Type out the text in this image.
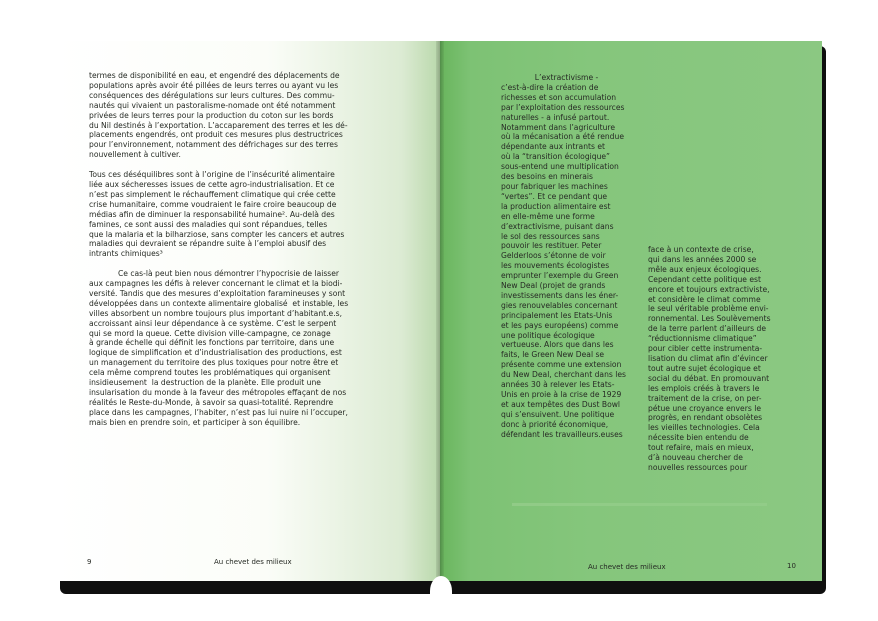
termes de disponibilité en eau, et engendré des déplacements de
populations après avoir été pillées de leurs terres ou ayant vu les
conséquences des dérégulations sur leurs cultures. Des commu-
nautés qui vivaient un pastoralisme-nomade ont été notamment
privées de leurs terres pour la production du coton sur les bords
du Nil destinés à l’exportation. L’accaparement des terres et les dé-
placements engendrés, ont produit ces mesures plus destructrices
pour l’environnement, notamment des défrichages sur des terres
nouvellement à cultiver.

Tous ces déséquilibres sont à l’origine de l’insécurité alimentaire
liée aux sécheresses issues de cette agro-industrialisation. Et ce
n’est pas simplement le réchauffement climatique qui crée cette
crise humanitaire, comme voudraient le faire croire beaucoup de
médias afin de diminuer la responsabilité humaine². Au-delà des
famines, ce sont aussi des maladies qui sont répandues, telles
que la malaria et la bilharziose, sans compter les cancers et autres
maladies qui devraient se répandre suite à l’emploi abusif des
intrants chimiques³

Ce cas-là peut bien nous démontrer l’hypocrisie de laisser
aux campagnes les défis à relever concernant le climat et la biodi-
versité. Tandis que des mesures d’exploitation faramineuses y sont
développées dans un contexte alimentaire globalisé  et instable, les
villes absorbent un nombre toujours plus important d’habitant.e.s,
accroissant ainsi leur dépendance à ce système. C’est le serpent
qui se mord la queue. Cette division ville-campagne, ce zonage
à grande échelle qui définit les fonctions par territoire, dans une
logique de simplification et d’industrialisation des productions, est
un management du territoire des plus toxiques pour notre être et
cela même comprend toutes les problématiques qui organisent
insidieusement  la destruction de la planète. Elle produit une
insularisation du monde à la faveur des métropoles effaçant de nos
réalités le Reste-du-Monde, à savoir sa quasi-totalité. Reprendre
place dans les campagnes, l’habiter, n’est pas lui nuire ni l’occuper,
mais bien en prendre soin, et participer à son équilibre.
9	Au chevet des milieux
L’extractivisme -
c’est-à-dire la création de
richesses et son accumulation
par l’exploitation des ressources
naturelles - a infusé partout.
Notamment dans l’agriculture
où la mécanisation a été rendue
dépendante aux intrants et
où la “transition écologique”
sous-entend une multiplication
des besoins en minerais
pour fabriquer les machines
“vertes”. Et ce pendant que
la production alimentaire est
en elle-même une forme
d’extractivisme, puisant dans
le sol des ressources sans
pouvoir les restituer. Peter
Gelderloos s’étonne de voir
les mouvements écologistes
emprunter l’exemple du Green
New Deal (projet de grands
investissements dans les éner-
gies renouvelables concernant
principalement les Etats-Unis
et les pays européens) comme
une politique écologique
vertueuse. Alors que dans les
faits, le Green New Deal se
présente comme une extension
du New Deal, cherchant dans les
années 30 à relever les Etats-
Unis en proie à la crise de 1929
et aux tempêtes des Dust Bowl
qui s’ensuivent. Une politique
donc à priorité économique,
défendant les travailleurs.euses
face à un contexte de crise,
qui dans les années 2000 se
mêle aux enjeux écologiques.
Cependant cette politique est
encore et toujours extractiviste,
et considère le climat comme
le seul véritable problème envi-
ronnemental. Les Soulèvements
de la terre parlent d’ailleurs de
“réductionnisme climatique”
pour cibler cette instrumenta-
lisation du climat afin d’évincer
tout autre sujet écologique et
social du débat. En promouvant
les emplois créés à travers le
traitement de la crise, on per-
pétue une croyance envers le
progrès, en rendant obsolètes
les vieilles technologies. Cela
nécessite bien entendu de
tout refaire, mais en mieux,
d’à nouveau chercher de
nouvelles ressources pour
Au chevet des milieux	10
